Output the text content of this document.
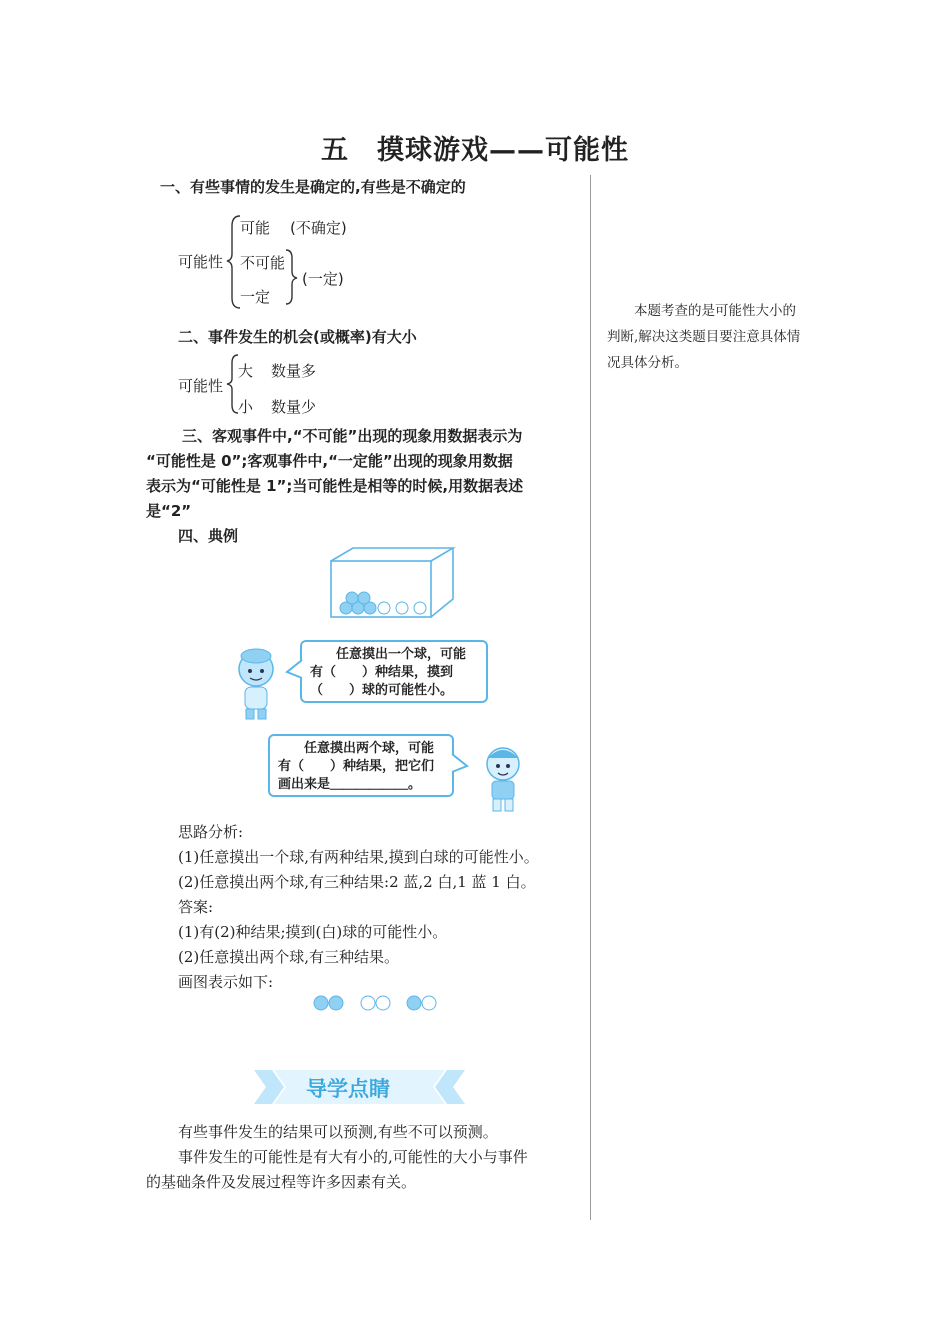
五　摸球游戏——可能性
本题考查的是可能性大小的判断,解决这类题目要注意具体情况具体分析。
一、有些事情的发生是确定的,有些是不确定的
可能性
可能
不可能
一定
(不确定)
(一定)
二、事件发生的机会(或概率)有大小
可能性
大 数量多
小 数量少
三、客观事件中,“不可能”出现的现象用数据表示为
“可能性是 0”;客观事件中,“一定能”出现的现象用数据
表示为“可能性是 1”;当可能性是相等的时候,用数据表述
是“2”
四、典例
任意摸出一个球，可能
有（　　）种结果，摸到
（　　）球的可能性小。
任意摸出两个球，可能
有（　　）种结果，把它们
画出来是＿＿＿＿＿＿。
思路分析:
(1)任意摸出一个球,有两种结果,摸到白球的可能性小。
(2)任意摸出两个球,有三种结果:2 蓝,2 白,1 蓝 1 白。
答案:
(1)有(2)种结果;摸到(白)球的可能性小。
(2)任意摸出两个球,有三种结果。
画图表示如下:
导学点睛
有些事件发生的结果可以预测,有些不可以预测。
事件发生的可能性是有大有小的,可能性的大小与事件
的基础条件及发展过程等许多因素有关。
